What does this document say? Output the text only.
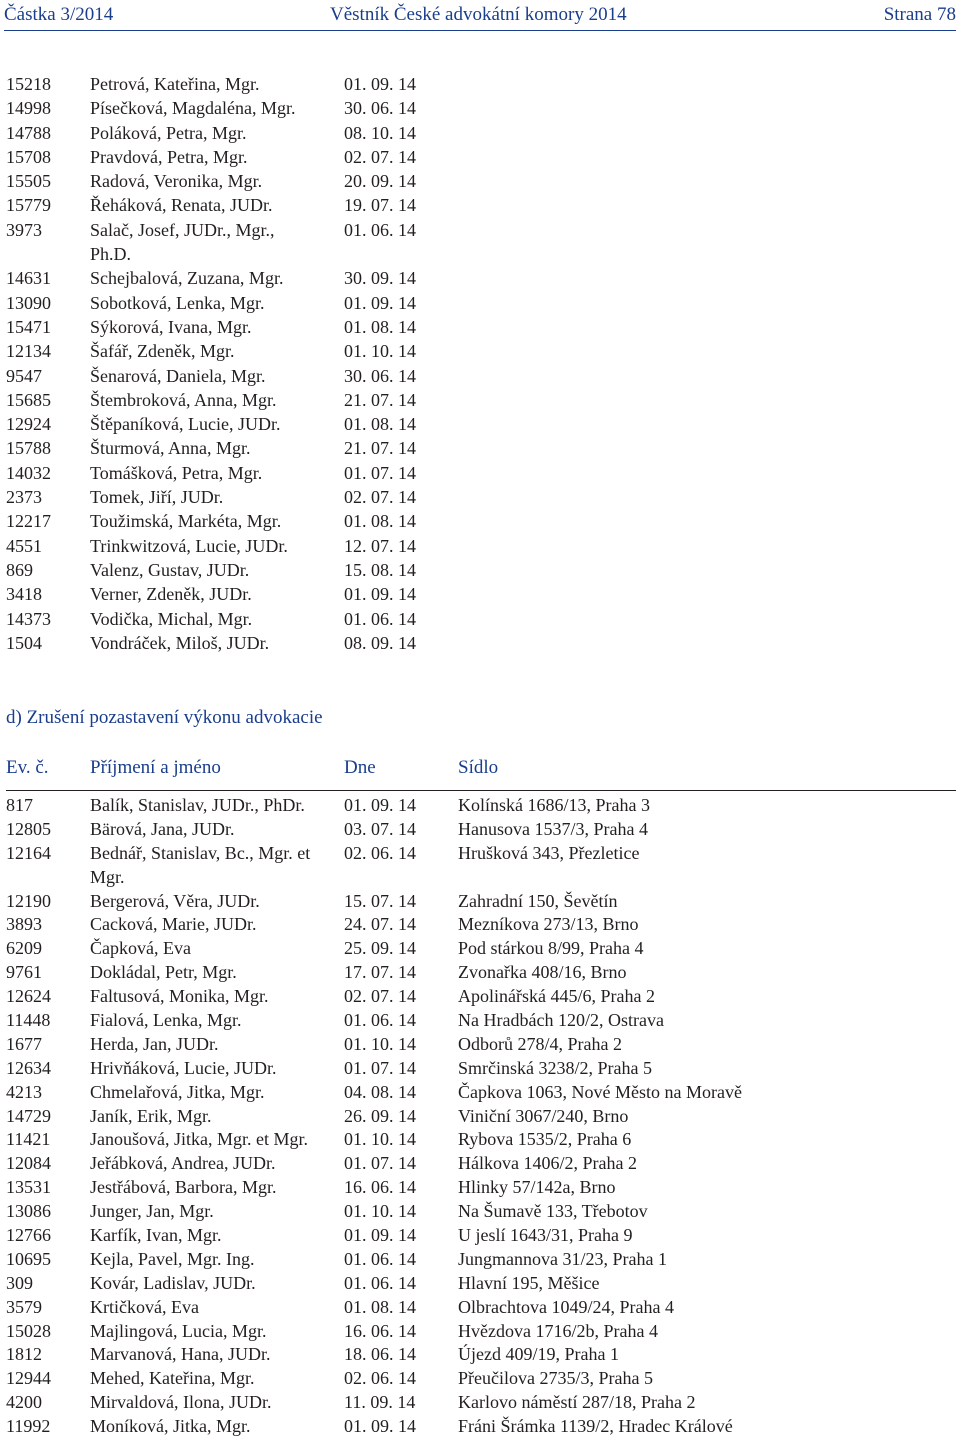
Částka 3/2014	Věstník České advokátní komory 2014	Strana 78
15218 Petrová, Kateřina, Mgr.	01. 09. 14
14998 Písečková, Magdaléna, Mgr.	30. 06. 14
14788 Poláková, Petra, Mgr.	08. 10. 14
15708 Pravdová, Petra, Mgr.	02. 07. 14
15505 Radová, Veronika, Mgr.	20. 09. 14
15779 Řeháková, Renata, JUDr.	19. 07. 14
3973	Salač, Josef, JUDr., Mgr.,	01. 06. 14
Ph.D.
14631 Schejbalová, Zuzana, Mgr.	30. 09. 14
13090 Sobotková, Lenka, Mgr.	01. 09. 14
15471 Sýkorová, Ivana, Mgr.	01. 08. 14
12134 Šafář, Zdeněk, Mgr.	01. 10. 14
9547	Šenarová, Daniela, Mgr.	30. 06. 14
15685 Štembroková, Anna, Mgr.	21. 07. 14
12924 Štěpaníková, Lucie, JUDr.	01. 08. 14
15788 Šturmová, Anna, Mgr.	21. 07. 14
14032 Tomášková, Petra, Mgr.	01. 07. 14
2373	Tomek, Jiří, JUDr.	02. 07. 14
12217 Toužimská, Markéta, Mgr.	01. 08. 14
4551	Trinkwitzová, Lucie, JUDr.	12. 07. 14
869	Valenz, Gustav, JUDr.	15. 08. 14
3418	Verner, Zdeněk, JUDr.	01. 09. 14
14373 Vodička, Michal, Mgr.	01. 06. 14
1504	Vondráček, Miloš, JUDr.	08. 09. 14
d) Zrušení pozastavení výkonu advokacie
Ev. č. Příjmení a jméno	Dne	Sídlo
817	Balík, Stanislav, JUDr., PhDr. 01. 09. 14 Kolínská 1686/13, Praha 3
12805 Bärová, Jana, JUDr.	03. 07. 14 Hanusova 1537/3, Praha 4
12164 Bednář, Stanislav, Bc., Mgr. et 02. 06. 14 Hrušková 343, Přezletice
Mgr.
12190 Bergerová, Věra, JUDr.	15. 07. 14 Zahradní 150, Ševětín
3893	Cacková, Marie, JUDr.	24. 07. 14 Mezníkova 273/13, Brno
6209	Čapková, Eva	25. 09. 14 Pod stárkou 8/99, Praha 4
9761	Dokládal, Petr, Mgr.	17. 07. 14 Zvonařka 408/16, Brno
12624 Faltusová, Monika, Mgr.	02. 07. 14 Apolinářská 445/6, Praha 2
11448 Fialová, Lenka, Mgr.	01. 06. 14 Na Hradbách 120/2, Ostrava
1677	Herda, Jan, JUDr.	01. 10. 14 Odborů 278/4, Praha 2
12634 Hrivňáková, Lucie, JUDr.	01. 07. 14 Smrčinská 3238/2, Praha 5
4213	Chmelařová, Jitka, Mgr.	04. 08. 14 Čapkova 1063, Nové Město na Moravě
14729 Janík, Erik, Mgr.	26. 09. 14 Viniční 3067/240, Brno
11421 Janoušová, Jitka, Mgr. et Mgr. 01. 10. 14 Rybova 1535/2, Praha 6
12084 Jeřábková, Andrea, JUDr.	01. 07. 14 Hálkova 1406/2, Praha 2
13531 Jestřábová, Barbora, Mgr.	16. 06. 14 Hlinky 57/142a, Brno
13086 Junger, Jan, Mgr.	01. 10. 14 Na Šumavě 133, Třebotov
12766 Karfík, Ivan, Mgr.	01. 09. 14 U jeslí 1643/31, Praha 9
10695 Kejla, Pavel, Mgr. Ing.	01. 06. 14 Jungmannova 31/23, Praha 1
309	Kovár, Ladislav, JUDr.	01. 06. 14 Hlavní 195, Měšice
3579	Krtičková, Eva	01. 08. 14 Olbrachtova 1049/24, Praha 4
15028 Majlingová, Lucia, Mgr.	16. 06. 14 Hvězdova 1716/2b, Praha 4
1812	Marvanová, Hana, JUDr.	18. 06. 14 Újezd 409/19, Praha 1
12944 Mehed, Kateřina, Mgr.	02. 06. 14 Přeučilova 2735/3, Praha 5
4200	Mirvaldová, Ilona, JUDr.	11. 09. 14 Karlovo náměstí 287/18, Praha 2
11992 Moníková, Jitka, Mgr.	01. 09. 14 Fráni Šrámka 1139/2, Hradec Králové
